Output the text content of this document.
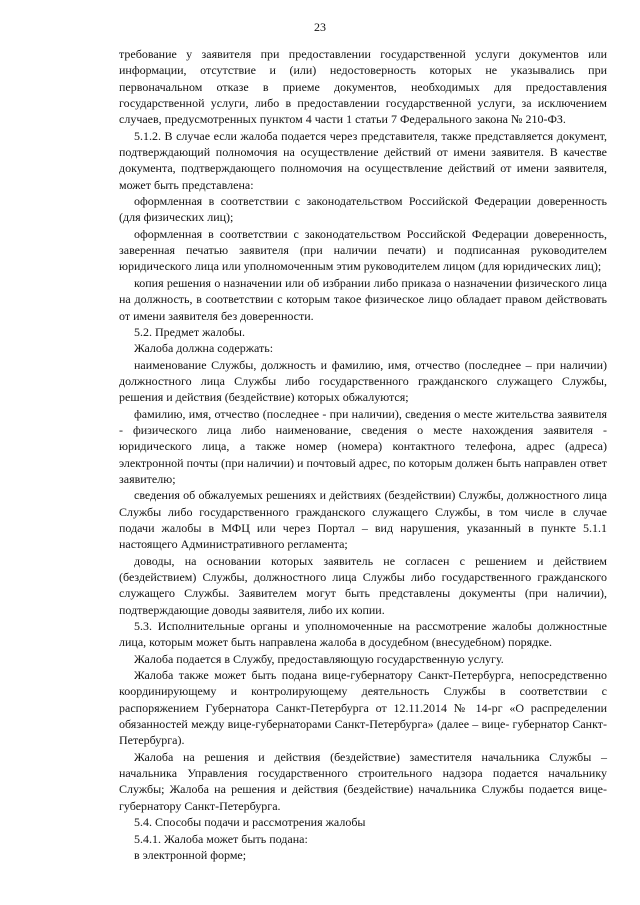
23

требование у заявителя при предоставлении государственной услуги документов или информации, отсутствие и (или) недостоверность которых не указывались при первоначальном отказе в приеме документов, необходимых для предоставления государственной услуги, либо в предоставлении государственной услуги, за исключением случаев, предусмотренных пунктом 4 части 1 статьи 7 Федерального закона № 210-ФЗ.

5.1.2. В случае если жалоба подается через представителя, также представляется документ, подтверждающий полномочия на осуществление действий от имени заявителя. В качестве документа, подтверждающего полномочия на осуществление действий от имени заявителя, может быть представлена:

оформленная в соответствии с законодательством Российской Федерации доверенность (для физических лиц);

оформленная в соответствии с законодательством Российской Федерации доверенность, заверенная печатью заявителя (при наличии печати) и подписанная руководителем юридического лица или уполномоченным этим руководителем лицом (для юридических лиц);

копия решения о назначении или об избрании либо приказа о назначении физического лица на должность, в соответствии с которым такое физическое лицо обладает правом действовать от имени заявителя без доверенности.

5.2. Предмет жалобы.

Жалоба должна содержать:

наименование Службы, должность и фамилию, имя, отчество (последнее – при наличии) должностного лица Службы либо государственного гражданского служащего Службы, решения и действия (бездействие) которых обжалуются;

фамилию, имя, отчество (последнее - при наличии), сведения о месте жительства заявителя - физического лица либо наименование, сведения о месте нахождения заявителя - юридического лица, а также номер (номера) контактного телефона, адрес (адреса) электронной почты (при наличии) и почтовый адрес, по которым должен быть направлен ответ заявителю;

сведения об обжалуемых решениях и действиях (бездействии) Службы, должностного лица Службы либо государственного гражданского служащего Службы, в том числе в случае подачи жалобы в МФЦ или через Портал – вид нарушения, указанный в пункте 5.1.1 настоящего Административного регламента;

доводы, на основании которых заявитель не согласен с решением и действием (бездействием) Службы, должностного лица Службы либо государственного гражданского служащего Службы. Заявителем могут быть представлены документы (при наличии), подтверждающие доводы заявителя, либо их копии.

5.3. Исполнительные органы и уполномоченные на рассмотрение жалобы должностные лица, которым может быть направлена жалоба в досудебном (внесудебном) порядке.

Жалоба подается в Службу, предоставляющую государственную услугу.

Жалоба также может быть подана вице-губернатору Санкт-Петербурга, непосредственно координирующему и контролирующему деятельность Службы в соответствии с распоряжением Губернатора Санкт-Петербурга от 12.11.2014 № 14-рг «О распределении обязанностей между вице-губернаторами Санкт-Петербурга» (далее – вице- губернатор Санкт-Петербурга).

Жалоба на решения и действия (бездействие) заместителя начальника Службы – начальника Управления государственного строительного надзора подается начальнику Службы; Жалоба на решения и действия (бездействие) начальника Службы подается вице- губернатору Санкт-Петербурга.

5.4. Способы подачи и рассмотрения жалобы

5.4.1. Жалоба может быть подана:

в электронной форме;
